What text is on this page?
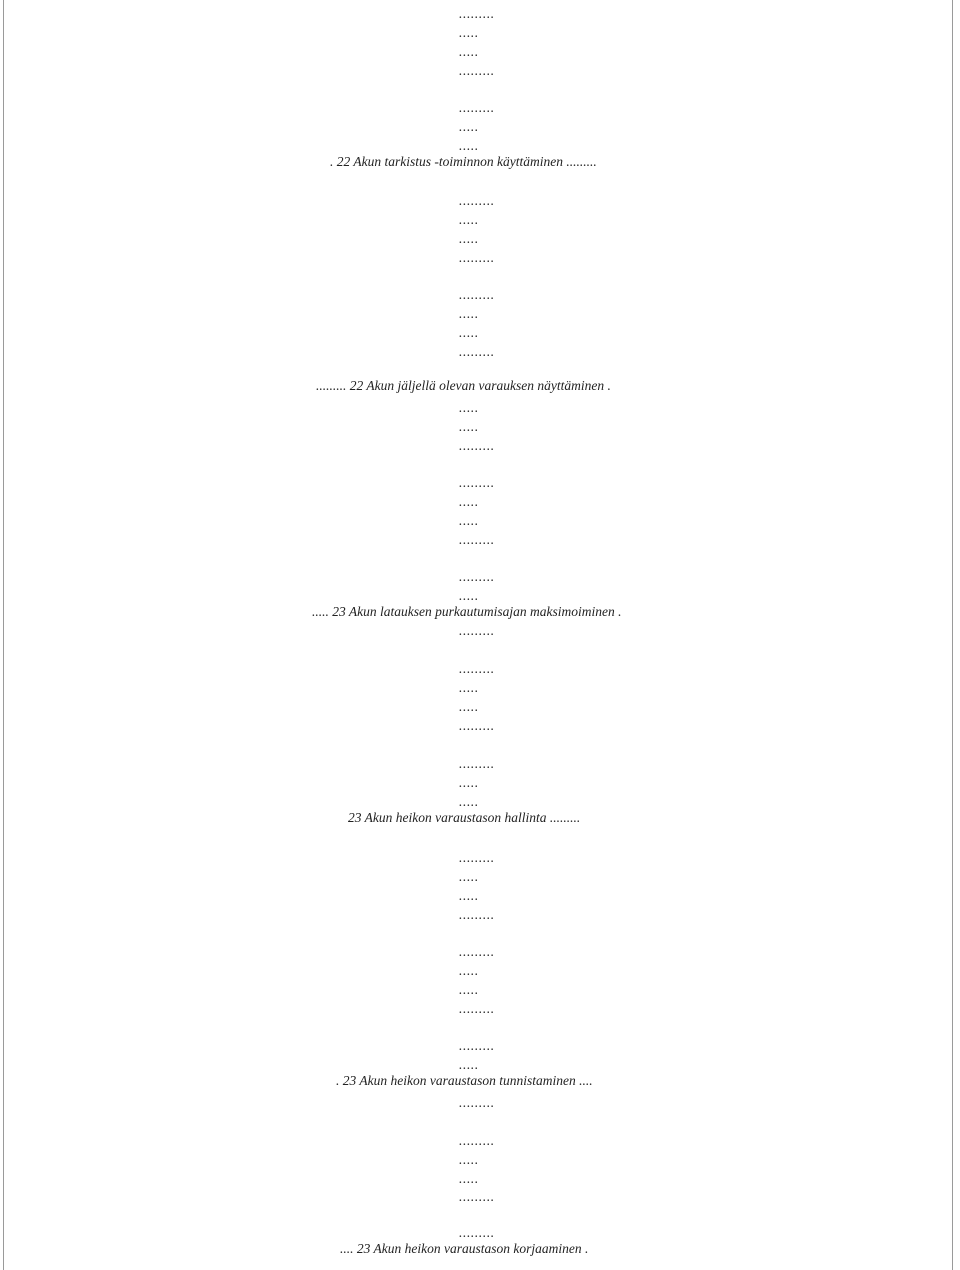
.........

.....

.....

.........

.........

.....

.....

. 22 Akun tarkistus -toiminnon käyttäminen .........

.........

.....

.....

.........

.........

.....

.....

.........

......... 22 Akun jäljellä olevan varauksen näyttäminen .

.....

.....

.........

.........

.....

.....

.........

.........

.....

..... 23 Akun latauksen purkautumisajan maksimoiminen .

.........

.........

.....

.....

.........

.........

.....

.....

23 Akun heikon varaustason hallinta .........

.........

.....

.....

.........

.........

.....

.....

.........

.........

.....

. 23 Akun heikon varaustason tunnistaminen ....

.........

.........

.....

.....

.........

.........

.... 23 Akun heikon varaustason korjaaminen .
